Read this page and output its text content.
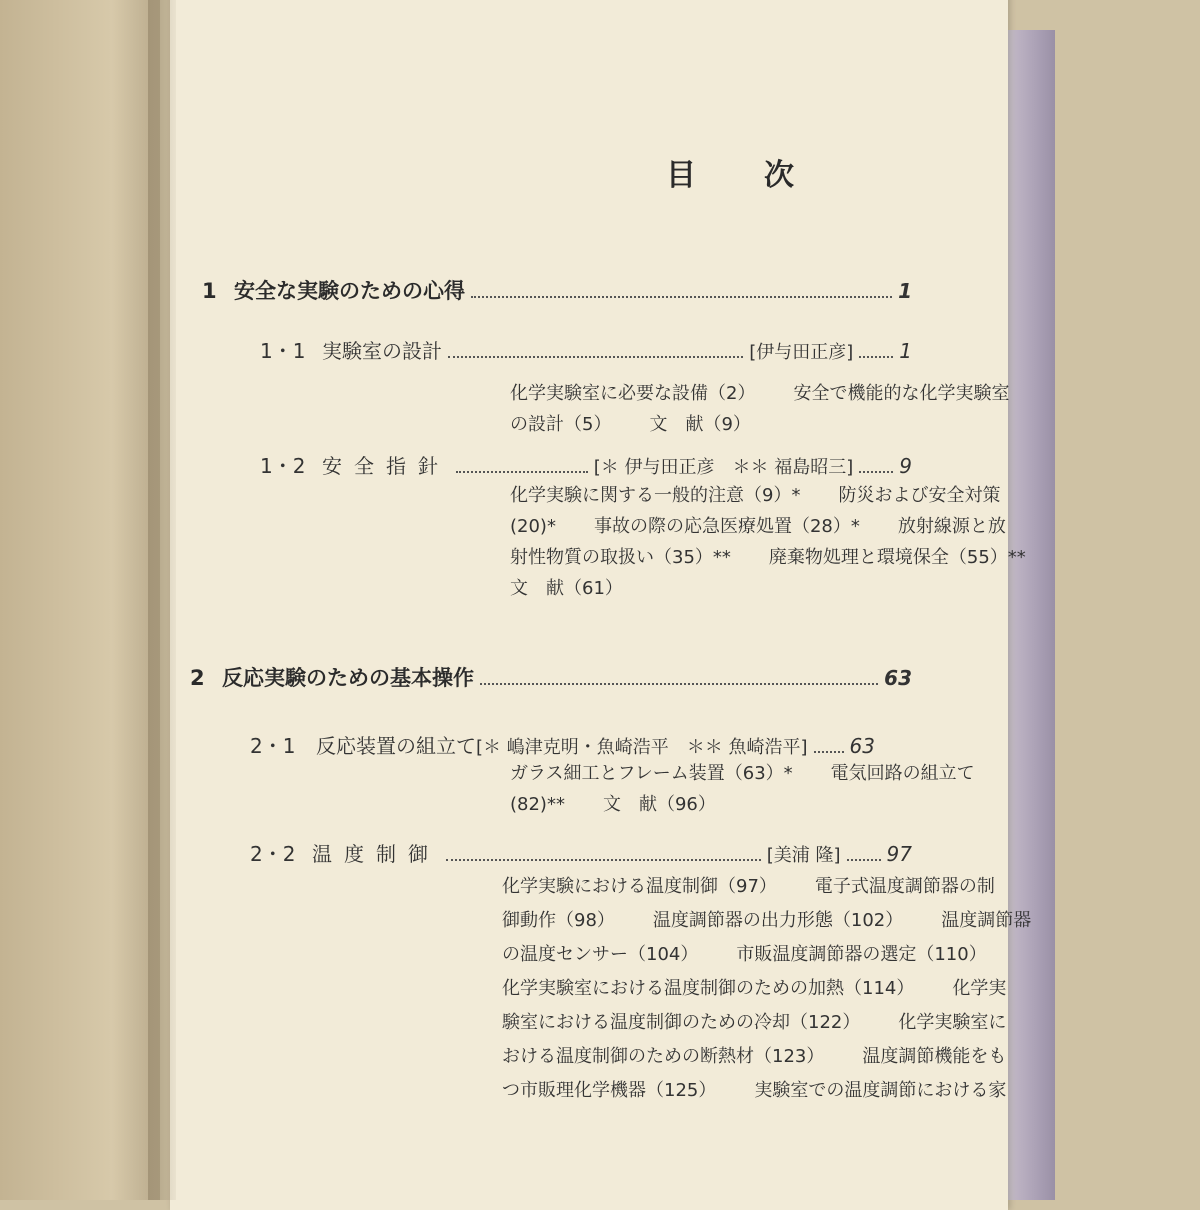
目 次
1 安全な実験のための心得	1
1・1 実験室の設計	[伊与田正彦] 1
化学実験室に必要な設備（2） 安全で機能的な化学実験室
の設計（5） 文　献（9）
1・2 安全指針	[＊ 伊与田正彦　＊＊ 福島昭三] 9
化学実験に関する一般的注意（9）* 防災および安全対策
(20)* 事故の際の応急医療処置（28）* 放射線源と放
射性物質の取扱い（35）** 廃棄物処理と環境保全（55）**
文　献（61）
2 反応実験のための基本操作	63
2・1	反応装置の組立て [＊ 嶋津克明・魚崎浩平　＊＊ 魚崎浩平] 63
ガラス細工とフレーム装置（63）* 電気回路の組立て
(82)** 文　献（96）
2・2 温度制御	[美浦 隆] 97
化学実験における温度制御（97） 電子式温度調節器の制
御動作（98） 温度調節器の出力形態（102） 温度調節器
の温度センサー（104） 市販温度調節器の選定（110）
化学実験室における温度制御のための加熱（114） 化学実
験室における温度制御のための冷却（122） 化学実験室に
おける温度制御のための断熱材（123） 温度調節機能をも
つ市販理化学機器（125） 実験室での温度調節における家
